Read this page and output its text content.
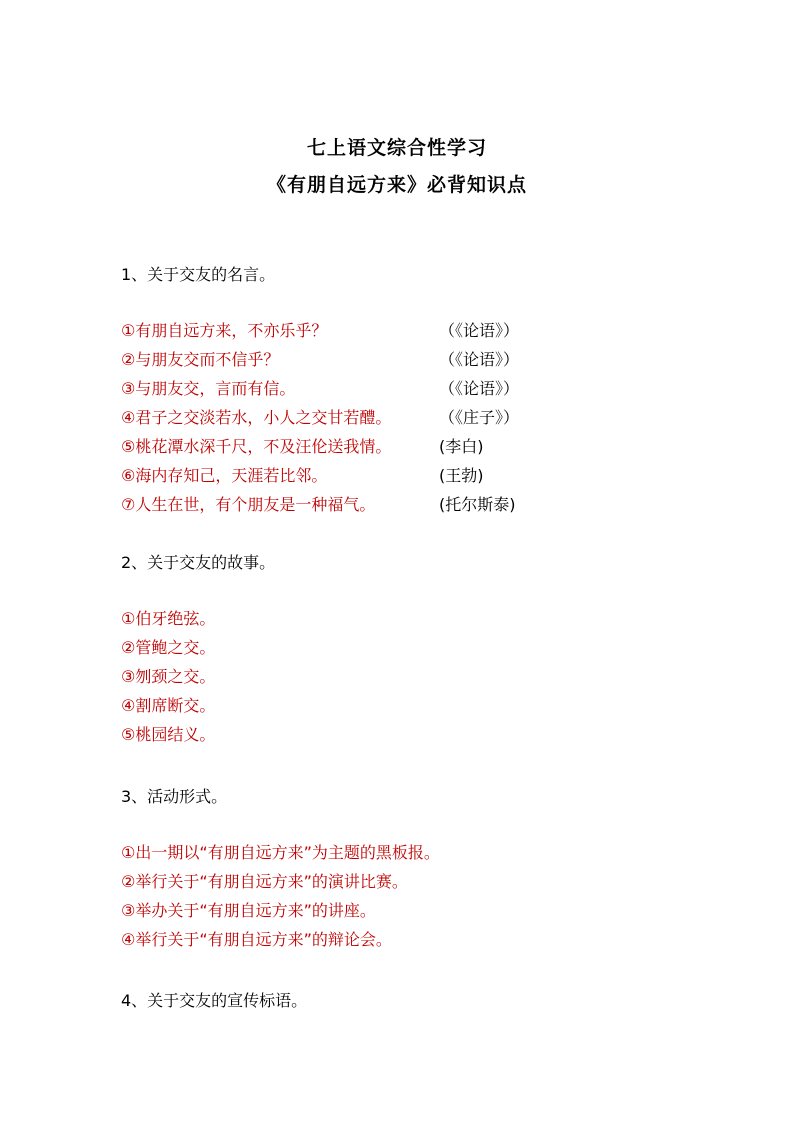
七上语文综合性学习
《有朋自远方来》必背知识点
1、关于交友的名言。
①有朋自远方来，不亦乐乎？	（《论语》）
②与朋友交而不信乎？	（《论语》）
③与朋友交，言而有信。	（《论语》）
④君子之交淡若水，小人之交甘若醴。	（《庄子》）
⑤桃花潭水深千尺，不及汪伦送我情。	(李白)
⑥海内存知己，天涯若比邻。	(王勃)
⑦人生在世，有个朋友是一种福气。	(托尔斯泰)
2、关于交友的故事。
①伯牙绝弦。
②管鲍之交。
③刎颈之交。
④割席断交。
⑤桃园结义。
3、活动形式。
①出一期以“有朋自远方来”为主题的黑板报。
②举行关于“有朋自远方来”的演讲比赛。
③举办关于“有朋自远方来”的讲座。
④举行关于“有朋自远方来”的辩论会。
4、关于交友的宣传标语。
